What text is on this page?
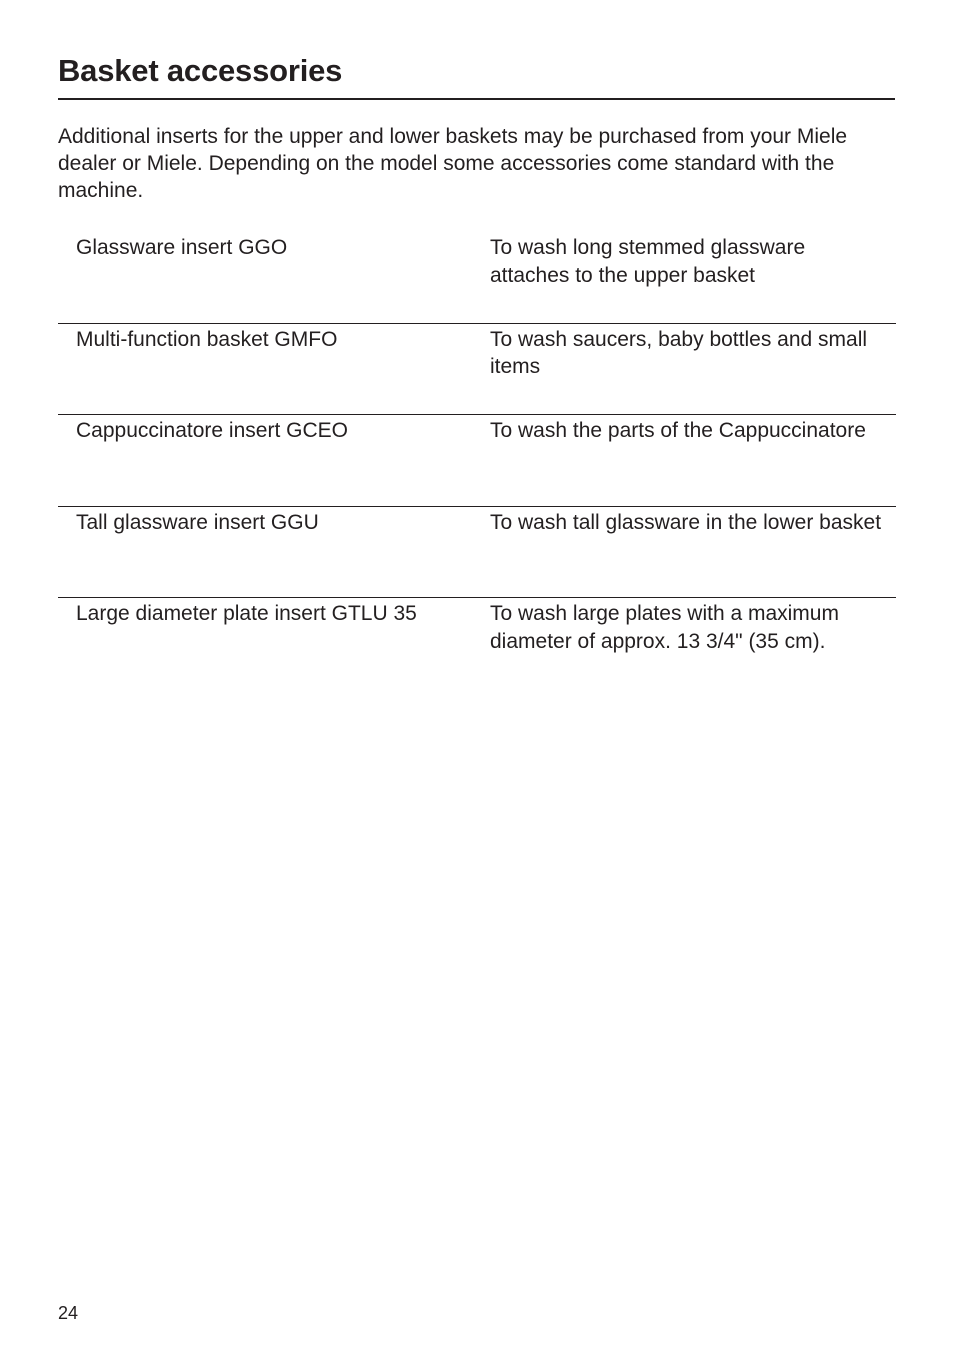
Basket accessories

Additional inserts for the upper and lower baskets may be purchased from your Miele dealer or Miele. Depending on the model some accessories come standard with the machine.

Glassware insert GGO	To wash long stemmed glassware attaches to the upper basket
Multi-function basket GMFO	To wash saucers, baby bottles and small items
Cappuccinatore insert GCEO	To wash the parts of the Cappuccinatore
Tall glassware insert GGU	To wash tall glassware in the lower basket
Large diameter plate insert GTLU 35	To wash large plates with a maximum diameter of approx. 13 3/4" (35 cm).
24
